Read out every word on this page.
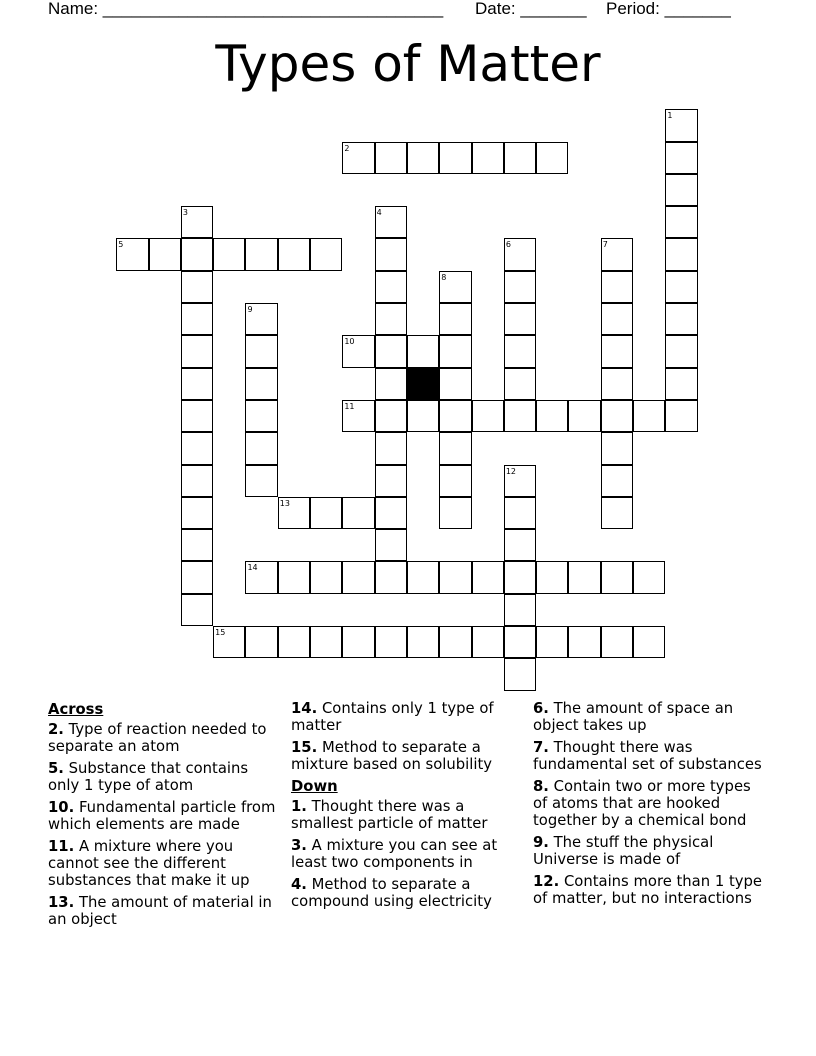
Name: ____________________________________

Date: _______

Period: _______

Types of Matter
1
2
3	4
5	6	7
8
9
10
11
12
13
14
15
Across
2. Type of reaction needed to separate an atom
5. Substance that contains only 1 type of atom
10. Fundamental particle from which elements are made
11. A mixture where you cannot see the different substances that make it up
13. The amount of material in an object
14. Contains only 1 type of matter
15. Method to separate a mixture based on solubility
Down
1. Thought there was a smallest particle of matter
3. A mixture you can see at least two components in
4. Method to separate a compound using electricity
6. The amount of space an object takes up
7. Thought there was fundamental set of substances
8. Contain two or more types of atoms that are hooked together by a chemical bond
9. The stuff the physical Universe is made of
12. Contains more than 1 type of matter, but no interactions
